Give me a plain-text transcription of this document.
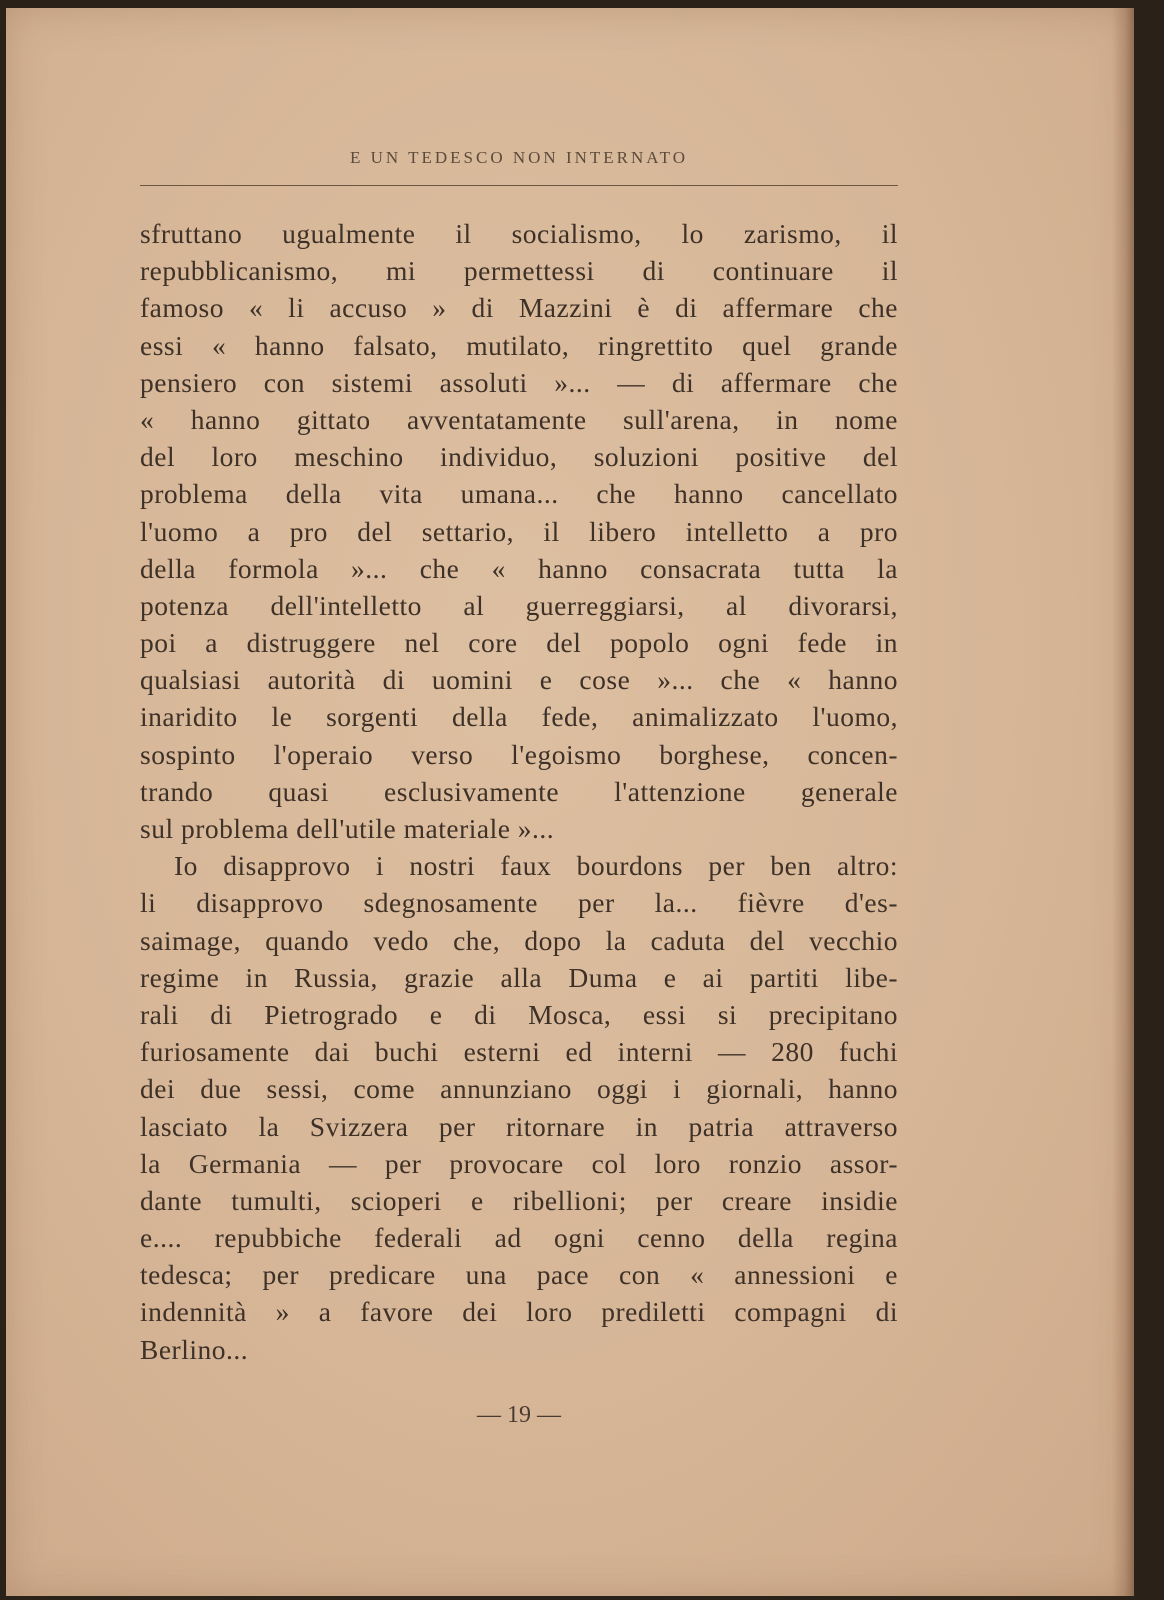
E UN TEDESCO NON INTERNATO
sfruttano ugualmente il socialismo, lo zarismo, il
repubblicanismo, mi permettessi di continuare il
famoso « li accuso » di Mazzini è di affermare che
essi « hanno falsato, mutilato, ringrettito quel grande
pensiero con sistemi assoluti »... — di affermare che
« hanno gittato avventatamente sull'arena, in nome
del loro meschino individuo, soluzioni positive del
problema della vita umana... che hanno cancellato
l'uomo a pro del settario, il libero intelletto a pro
della formola »... che « hanno consacrata tutta la
potenza dell'intelletto al guerreggiarsi, al divorarsi,
poi a distruggere nel core del popolo ogni fede in
qualsiasi autorità di uomini e cose »... che « hanno
inaridito le sorgenti della fede, animalizzato l'uomo,
sospinto l'operaio verso l'egoismo borghese, concen-
trando quasi esclusivamente l'attenzione generale
sul problema dell'utile materiale »...
Io disapprovo i nostri faux bourdons per ben altro:
li disapprovo sdegnosamente per la... fièvre d'es-
saimage, quando vedo che, dopo la caduta del vecchio
regime in Russia, grazie alla Duma e ai partiti libe-
rali di Pietrogrado e di Mosca, essi si precipitano
furiosamente dai buchi esterni ed interni — 280 fuchi
dei due sessi, come annunziano oggi i giornali, hanno
lasciato la Svizzera per ritornare in patria attraverso
la Germania — per provocare col loro ronzio assor-
dante tumulti, scioperi e ribellioni; per creare insidie
e.... repubbiche federali ad ogni cenno della regina
tedesca; per predicare una pace con « annessioni e
indennità » a favore dei loro prediletti compagni di
Berlino...
— 19 —
